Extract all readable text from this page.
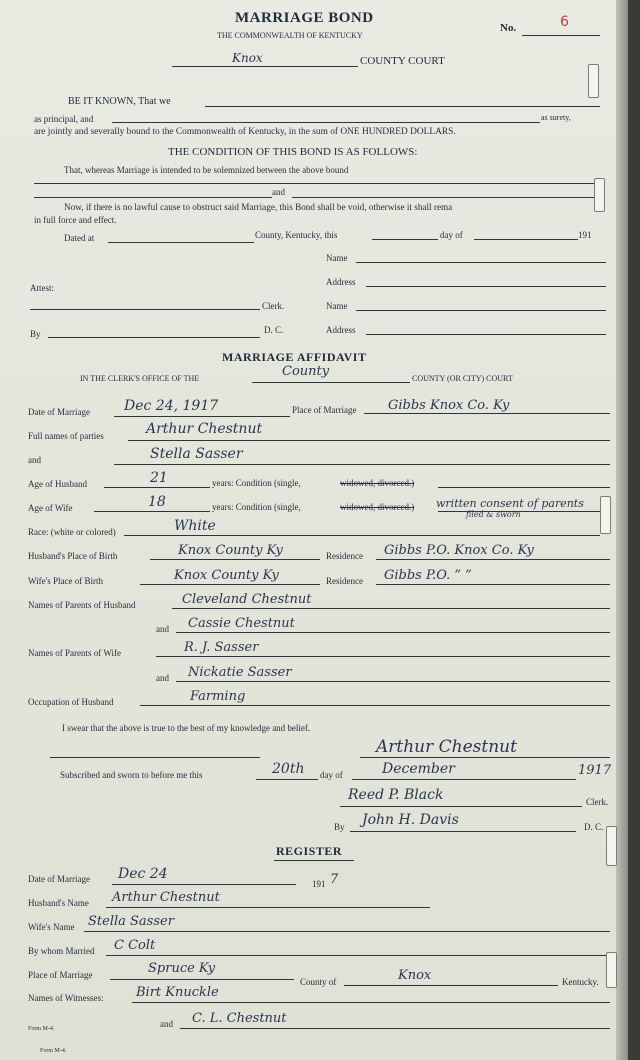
MARRIAGE BOND
THE COMMONWEALTH OF KENTUCKY
No.	6
Knox	COUNTY COURT
BE IT KNOWN, That we
as principal, and	as surety,
are jointly and severally bound to the Commonwealth of Kentucky, in the sum of ONE HUNDRED DOLLARS.
THE CONDITION OF THIS BOND IS AS FOLLOWS:
That, whereas Marriage is intended to be solemnized between the above bound
and
Now, if there is no lawful cause to obstruct said Marriage, this Bond shall be void, otherwise it shall rema
in full force and effect.
Dated at	County, Kentucky, this	day of	191
Name
Address
Attest:
Clerk.	Name
By	D. C.	Address
MARRIAGE AFFIDAVIT
IN THE CLERK'S OFFICE OF THE	County	COUNTY (OR CITY) COURT
Date of Marriage Dec 24, 1917	Place of Marriage Gibbs Knox Co. Ky
Full names of parties	Arthur Chestnut
and	Stella Sasser
Age of Husband	21	years: Condition (single,	widowed, divorced.)
Age of Wife	18	years: Condition (single,	widowed, divorced.) written consent of parents
filed & sworn
Race: (white or colored)	White
Husband's Place of Birth	Knox County Ky	Residence Gibbs P.O. Knox Co. Ky
Wife's Place of Birth	Knox County Ky	Residence Gibbs P.O. ” ”
Names of Parents of Husband	Cleveland Chestnut
and Cassie Chestnut
Names of Parents of Wife	R. J. Sasser
and Nickatie Sasser
Occupation of Husband	Farming
I swear that the above is true to the best of my knowledge and belief.
Arthur Chestnut
Subscribed and sworn to before me this	20th day of	December	1917
Reed P. Black	Clerk.
By John H. Davis	D. C.
REGISTER
Date of Marriage Dec 24
191 7
Husband's Name Arthur Chestnut
Wife's Name Stella Sasser
By whom Married C Colt
Place of Marriage	Spruce Ky
County of	Knox	Kentucky.
Names of Witnesses:	Birt Knuckle
and C. L. Chestnut
Form M-4.
Form M-4.
